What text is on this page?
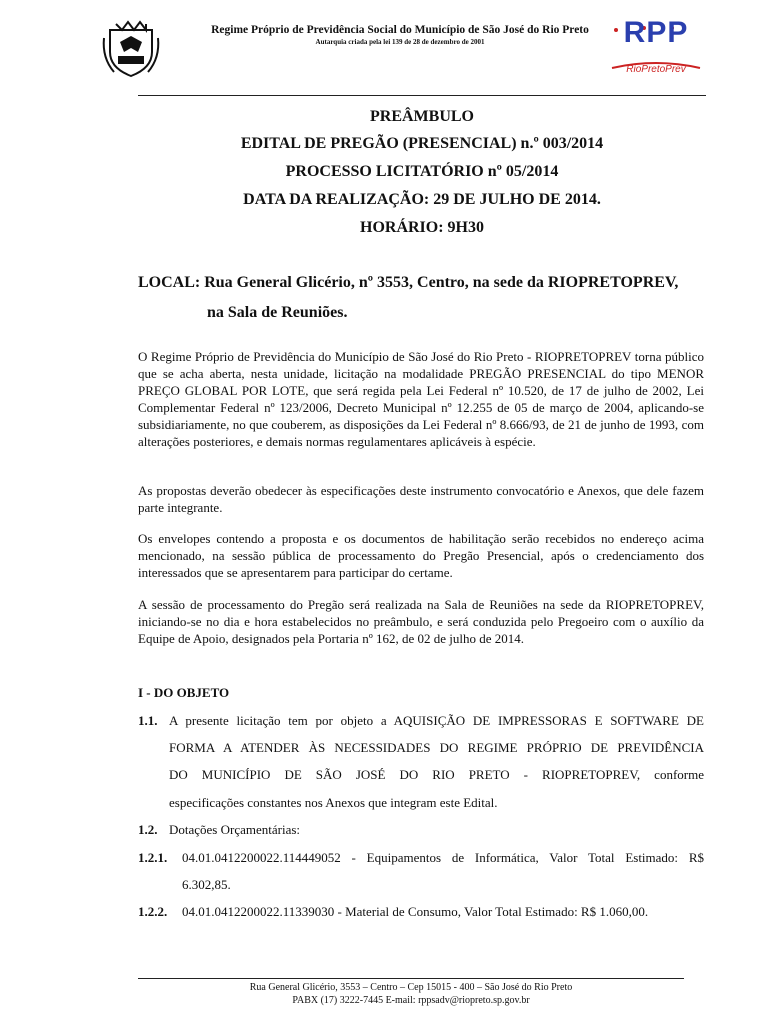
Regime Próprio de Previdência Social do Município de São José do Rio Preto
Autarquia criada pela lei 139 de 28 de dezembro de 2001	RPP
RioPretoPrev
PREÂMBULO
EDITAL DE PREGÃO (PRESENCIAL) n.º 003/2014
PROCESSO LICITATÓRIO nº 05/2014
DATA DA REALIZAÇÃO: 29 DE JULHO DE 2014.
HORÁRIO: 9H30
LOCAL: Rua General Glicério, nº 3553, Centro, na sede da RIOPRETOPREV,
na Sala de Reuniões.
O Regime Próprio de Previdência do Município de São José do Rio Preto - RIOPRETOPREV torna público que se acha aberta, nesta unidade, licitação na modalidade PREGÃO PRESENCIAL do tipo MENOR PREÇO GLOBAL POR LOTE, que será regida pela Lei Federal nº 10.520, de 17 de julho de 2002, Lei Complementar Federal nº 123/2006, Decreto Municipal nº 12.255 de 05 de março de 2004, aplicando-se subsidiariamente, no que couberem, as disposições da Lei Federal nº 8.666/93, de 21 de junho de 1993, com alterações posteriores, e demais normas regulamentares aplicáveis à espécie.
As propostas deverão obedecer às especificações deste instrumento convocatório e Anexos, que dele fazem parte integrante.
Os envelopes contendo a proposta e os documentos de habilitação serão recebidos no endereço acima mencionado, na sessão pública de processamento do Pregão Presencial, após o credenciamento dos interessados que se apresentarem para participar do certame.
A sessão de processamento do Pregão será realizada na Sala de Reuniões na sede da RIOPRETOPREV, iniciando-se no dia e hora estabelecidos no preâmbulo, e será conduzida pelo Pregoeiro com o auxílio da Equipe de Apoio, designados pela Portaria nº 162, de 02 de julho de 2014.
I - DO OBJETO
1.1. A presente licitação tem por objeto a AQUISIÇÃO DE IMPRESSORAS E SOFTWARE DE
FORMA A ATENDER ÀS NECESSIDADES DO REGIME PRÓPRIO DE PREVIDÊNCIA
DO MUNICÍPIO DE SÃO JOSÉ DO RIO PRETO - RIOPRETOPREV, conforme
especificações constantes nos Anexos que integram este Edital.
1.2. Dotações Orçamentárias:
1.2.1. 04.01.0412200022.114449052 - Equipamentos de Informática, Valor Total Estimado: R$
6.302,85.
1.2.2. 04.01.0412200022.11339030 - Material de Consumo, Valor Total Estimado: R$ 1.060,00.
Rua General Glicério, 3553 – Centro – Cep 15015 - 400 – São José do Rio Preto
PABX (17) 3222-7445 E-mail: rppsadv@riopreto.sp.gov.br
